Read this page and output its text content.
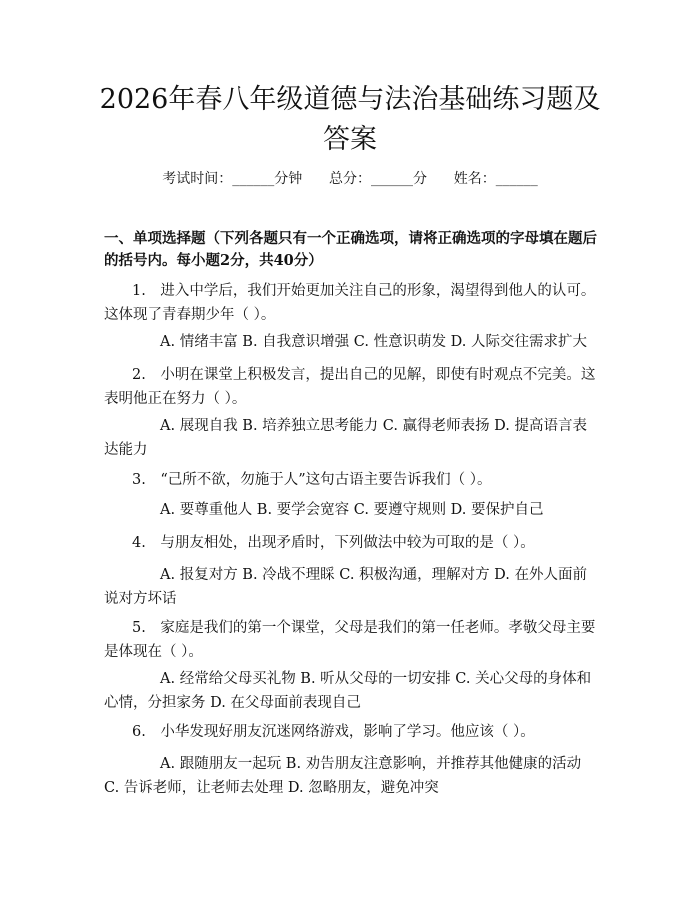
2026年春八年级道德与法治基础练习题及答案
考试时间：______分钟      总分：______分      姓名：______
一、单项选择题（下列各题只有一个正确选项，请将正确选项的字母填在题后的括号内。每小题2分，共40分）
1.　进入中学后，我们开始更加关注自己的形象，渴望得到他人的认可。这体现了青春期少年（ ）。
A. 情绪丰富 B. 自我意识增强 C. 性意识萌发 D. 人际交往需求扩大
2.　小明在课堂上积极发言，提出自己的见解，即使有时观点不完美。这表明他正在努力（ ）。
A. 展现自我 B. 培养独立思考能力 C. 赢得老师表扬 D. 提高语言表达能力
3.　“己所不欲，勿施于人”这句古语主要告诉我们（ ）。
A. 要尊重他人 B. 要学会宽容 C. 要遵守规则 D. 要保护自己
4.　与朋友相处，出现矛盾时，下列做法中较为可取的是（ ）。
A. 报复对方 B. 冷战不理睬 C. 积极沟通，理解对方 D. 在外人面前说对方坏话
5.　家庭是我们的第一个课堂，父母是我们的第一任老师。孝敬父母主要是体现在（ ）。
A. 经常给父母买礼物 B. 听从父母的一切安排 C. 关心父母的身体和心情，分担家务 D. 在父母面前表现自己
6.　小华发现好朋友沉迷网络游戏，影响了学习。他应该（ ）。
A. 跟随朋友一起玩 B. 劝告朋友注意影响，并推荐其他健康的活动 C. 告诉老师，让老师去处理 D. 忽略朋友，避免冲突
